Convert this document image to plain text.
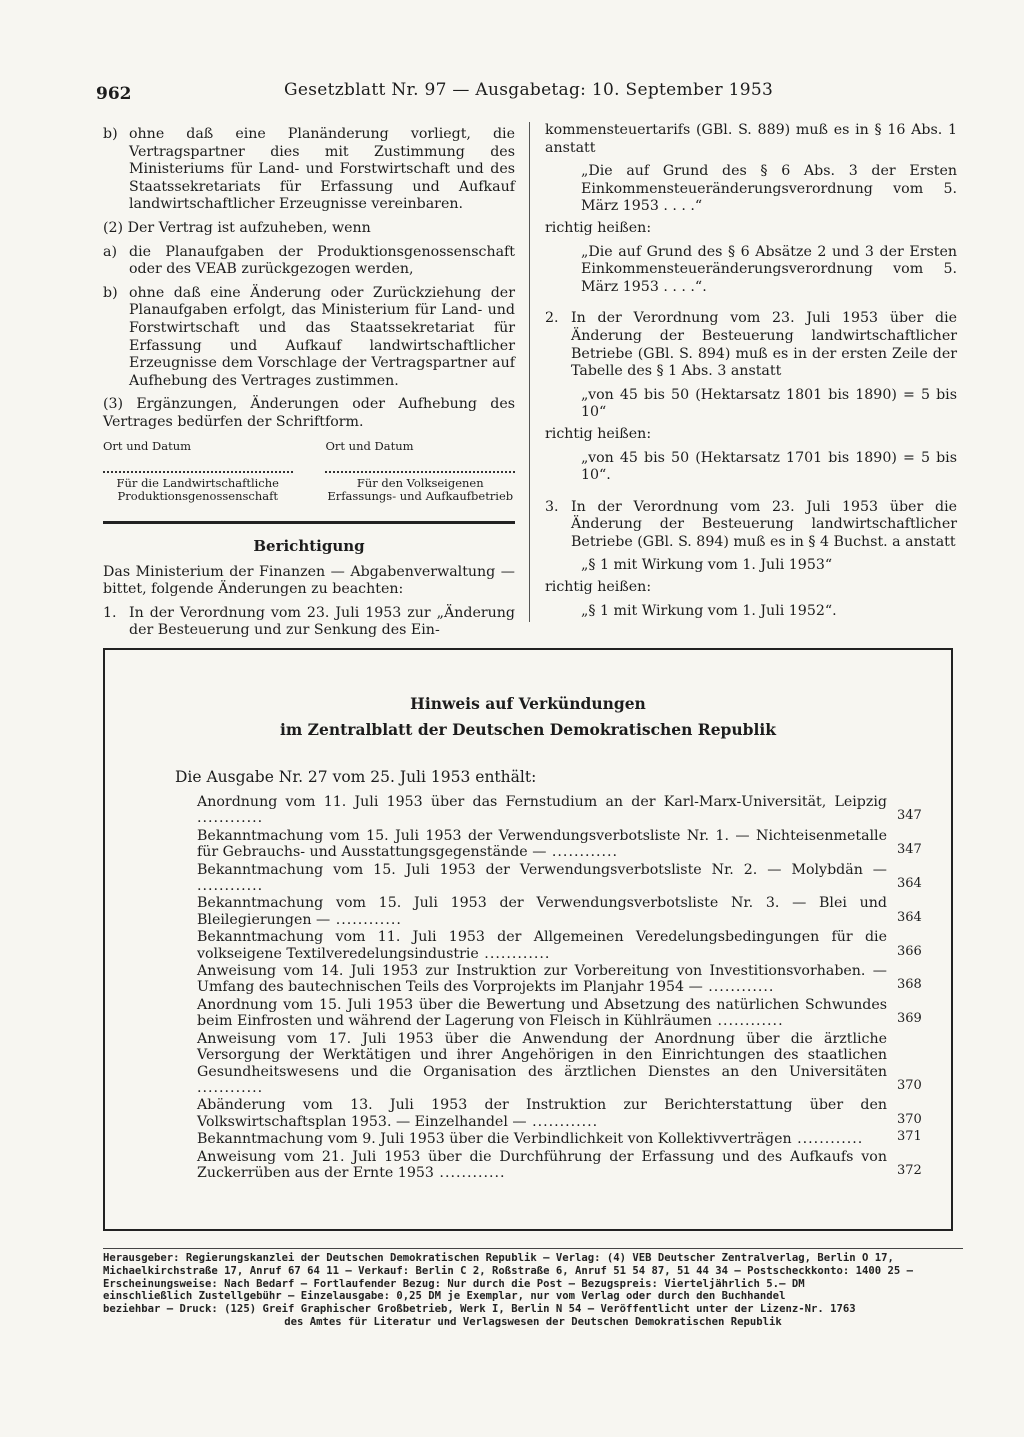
962	Gesetzblatt Nr. 97 — Ausgabetag: 10. September 1953
b) ohne daß eine Planänderung vorliegt, die Vertragspartner dies mit Zustimmung des Ministeriums für Land- und Forstwirtschaft und des Staatssekretariats für Erfassung und Aufkauf landwirtschaftlicher Erzeugnisse vereinbaren.

(2) Der Vertrag ist aufzuheben, wenn

a) die Planaufgaben der Produktionsgenossenschaft oder des VEAB zurückgezogen werden,
b) ohne daß eine Änderung oder Zurückziehung der Planaufgaben erfolgt, das Ministerium für Land- und Forstwirtschaft und das Staatssekretariat für Erfassung und Aufkauf landwirtschaftlicher Erzeugnisse dem Vorschlage der Vertragspartner auf Aufhebung des Vertrages zustimmen.

(3) Ergänzungen, Änderungen oder Aufhebung des Vertrages bedürfen der Schriftform.

Ort und Datum
Für die Landwirtschaftliche Produktionsgenossenschaft
Ort und Datum
Für den Volkseigenen Erfassungs- und Aufkaufbetrieb
Berichtigung

Das Ministerium der Finanzen — Abgabenverwaltung — bittet, folgende Änderungen zu beachten:

1. In der Verordnung vom 23. Juli 1953 zur „Änderung der Besteuerung und zur Senkung des Ein-

kommensteuertarifs (GBl. S. 889) muß es in § 16 Abs. 1 anstatt

„Die auf Grund des § 6 Abs. 3 der Ersten Einkommensteueränderungsverordnung vom 5. März 1953 . . . .“

richtig heißen:

„Die auf Grund des § 6 Absätze 2 und 3 der Ersten Einkommensteueränderungsverordnung vom 5. März 1953 . . . .“.

2. In der Verordnung vom 23. Juli 1953 über die Änderung der Besteuerung landwirtschaftlicher Betriebe (GBl. S. 894) muß es in der ersten Zeile der Tabelle des § 1 Abs. 3 anstatt

„von 45 bis 50 (Hektarsatz 1801 bis 1890) = 5 bis 10“

richtig heißen:

„von 45 bis 50 (Hektarsatz 1701 bis 1890) = 5 bis 10“.

3. In der Verordnung vom 23. Juli 1953 über die Änderung der Besteuerung landwirtschaftlicher Betriebe (GBl. S. 894) muß es in § 4 Buchst. a anstatt

„§ 1 mit Wirkung vom 1. Juli 1953“

richtig heißen:

„§ 1 mit Wirkung vom 1. Juli 1952“.

Hinweis auf Verkündungen
im Zentralblatt der Deutschen Demokratischen Republik
Die Ausgabe Nr. 27 vom 25. Juli 1953 enthält:
Anordnung vom 11. Juli 1953 über das Fernstudium an der Karl-Marx-Universität, Leipzig ............	347
Bekanntmachung vom 15. Juli 1953 der Verwendungsverbotsliste Nr. 1. — Nichteisenmetalle für Gebrauchs- und Ausstattungsgegenstände — ............	347
Bekanntmachung vom 15. Juli 1953 der Verwendungsverbotsliste Nr. 2. — Molybdän — ............	364
Bekanntmachung vom 15. Juli 1953 der Verwendungsverbotsliste Nr. 3. — Blei und Bleilegierungen — ............	364
Bekanntmachung vom 11. Juli 1953 der Allgemeinen Veredelungsbedingungen für die volkseigene Textilveredelungsindustrie ............	366
Anweisung vom 14. Juli 1953 zur Instruktion zur Vorbereitung von Investitionsvorhaben. — Umfang des bautechnischen Teils des Vorprojekts im Planjahr 1954 — ............	368
Anordnung vom 15. Juli 1953 über die Bewertung und Absetzung des natürlichen Schwundes beim Einfrosten und während der Lagerung von Fleisch in Kühlräumen ............	369
Anweisung vom 17. Juli 1953 über die Anwendung der Anordnung über die ärztliche Versorgung der Werktätigen und ihrer Angehörigen in den Einrichtungen des staatlichen Gesundheitswesens und die Organisation des ärztlichen Dienstes an den Universitäten ............	370
Abänderung vom 13. Juli 1953 der Instruktion zur Berichterstattung über den Volkswirtschaftsplan 1953. — Einzelhandel — ............	370
Bekanntmachung vom 9. Juli 1953 über die Verbindlichkeit von Kollektivverträgen ............	371
Anweisung vom 21. Juli 1953 über die Durchführung der Erfassung und des Aufkaufs von Zuckerrüben aus der Ernte 1953 ............	372
Herausgeber: Regierungskanzlei der Deutschen Demokratischen Republik — Verlag: (4) VEB Deutscher Zentralverlag, Berlin O 17,
Michaelkirchstraße 17, Anruf 67 64 11 — Verkauf: Berlin C 2, Roßstraße 6, Anruf 51 54 87, 51 44 34 — Postscheckkonto: 1400 25 —
Erscheinungsweise: Nach Bedarf — Fortlaufender Bezug: Nur durch die Post — Bezugspreis: Vierteljährlich 5.— DM
einschließlich Zustellgebühr — Einzelausgabe: 0,25 DM je Exemplar, nur vom Verlag oder durch den Buchhandel
beziehbar — Druck: (125) Greif Graphischer Großbetrieb, Werk I, Berlin N 54 — Veröffentlicht unter der Lizenz-Nr. 1763
des Amtes für Literatur und Verlagswesen der Deutschen Demokratischen Republik
